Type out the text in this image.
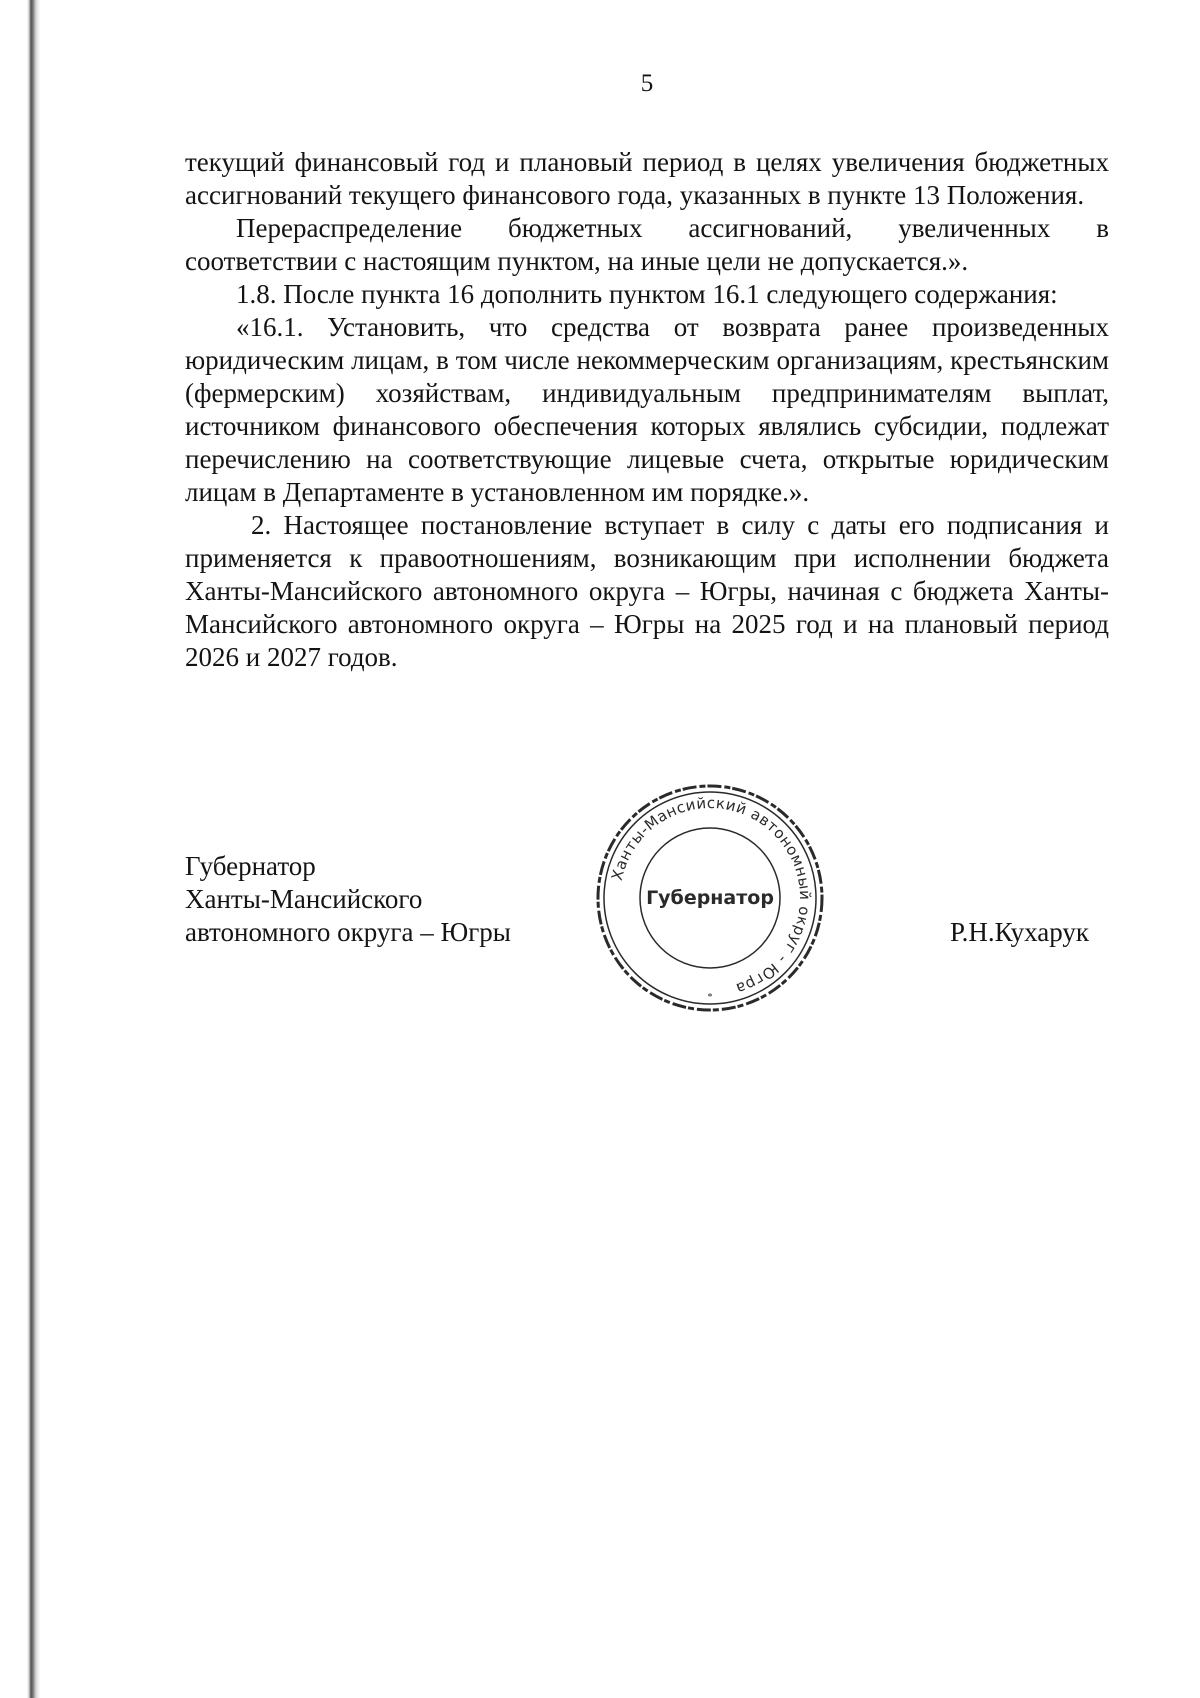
5

текущий финансовый год и плановый период в целях увеличения бюджетных ассигнований текущего финансового года, указанных в пункте 13 Положения.

Перераспределение бюджетных ассигнований, увеличенных в соответствии с настоящим пунктом, на иные цели не допускается.».

1.8. После пункта 16 дополнить пунктом 16.1 следующего содержания:

«16.1. Установить, что средства от возврата ранее произведенных юридическим лицам, в том числе некоммерческим организациям, крестьянским (фермерским) хозяйствам, индивидуальным предпринимателям выплат, источником финансового обеспечения которых являлись субсидии, подлежат перечислению на соответствующие лицевые счета, открытые юридическим лицам в Департаменте в установленном им порядке.».

2. Настоящее постановление вступает в силу с даты его подписания и применяется к правоотношениям, возникающим при исполнении бюджета Ханты-Мансийского автономного округа – Югры, начиная с бюджета Ханты-Мансийского автономного округа – Югры на 2025 год и на плановый период 2026 и 2027 годов.

Губернатор
Ханты-Мансийского
автономного округа – Югры
Ханты-Мансийский автономный округ - Югра
Губернатор
*
Р.Н.Кухарук
